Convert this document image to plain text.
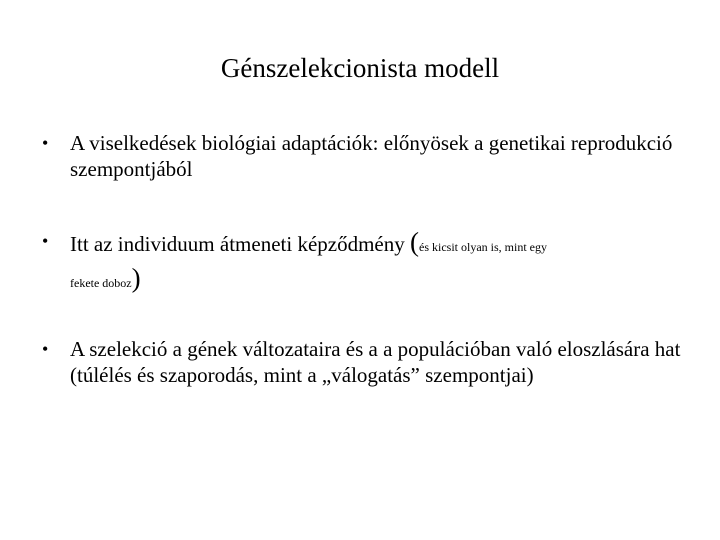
Génszelekcionista modell
• A viselkedések biológiai adaptációk: előnyösek a genetikai reprodukció szempontjából
• Itt az individuum átmeneti képződmény (és kicsit olyan is, mint egy
fekete doboz)
• A szelekció a gének változataira és a a populációban való eloszlására hat (túlélés és szaporodás, mint a „válogatás” szempontjai)
